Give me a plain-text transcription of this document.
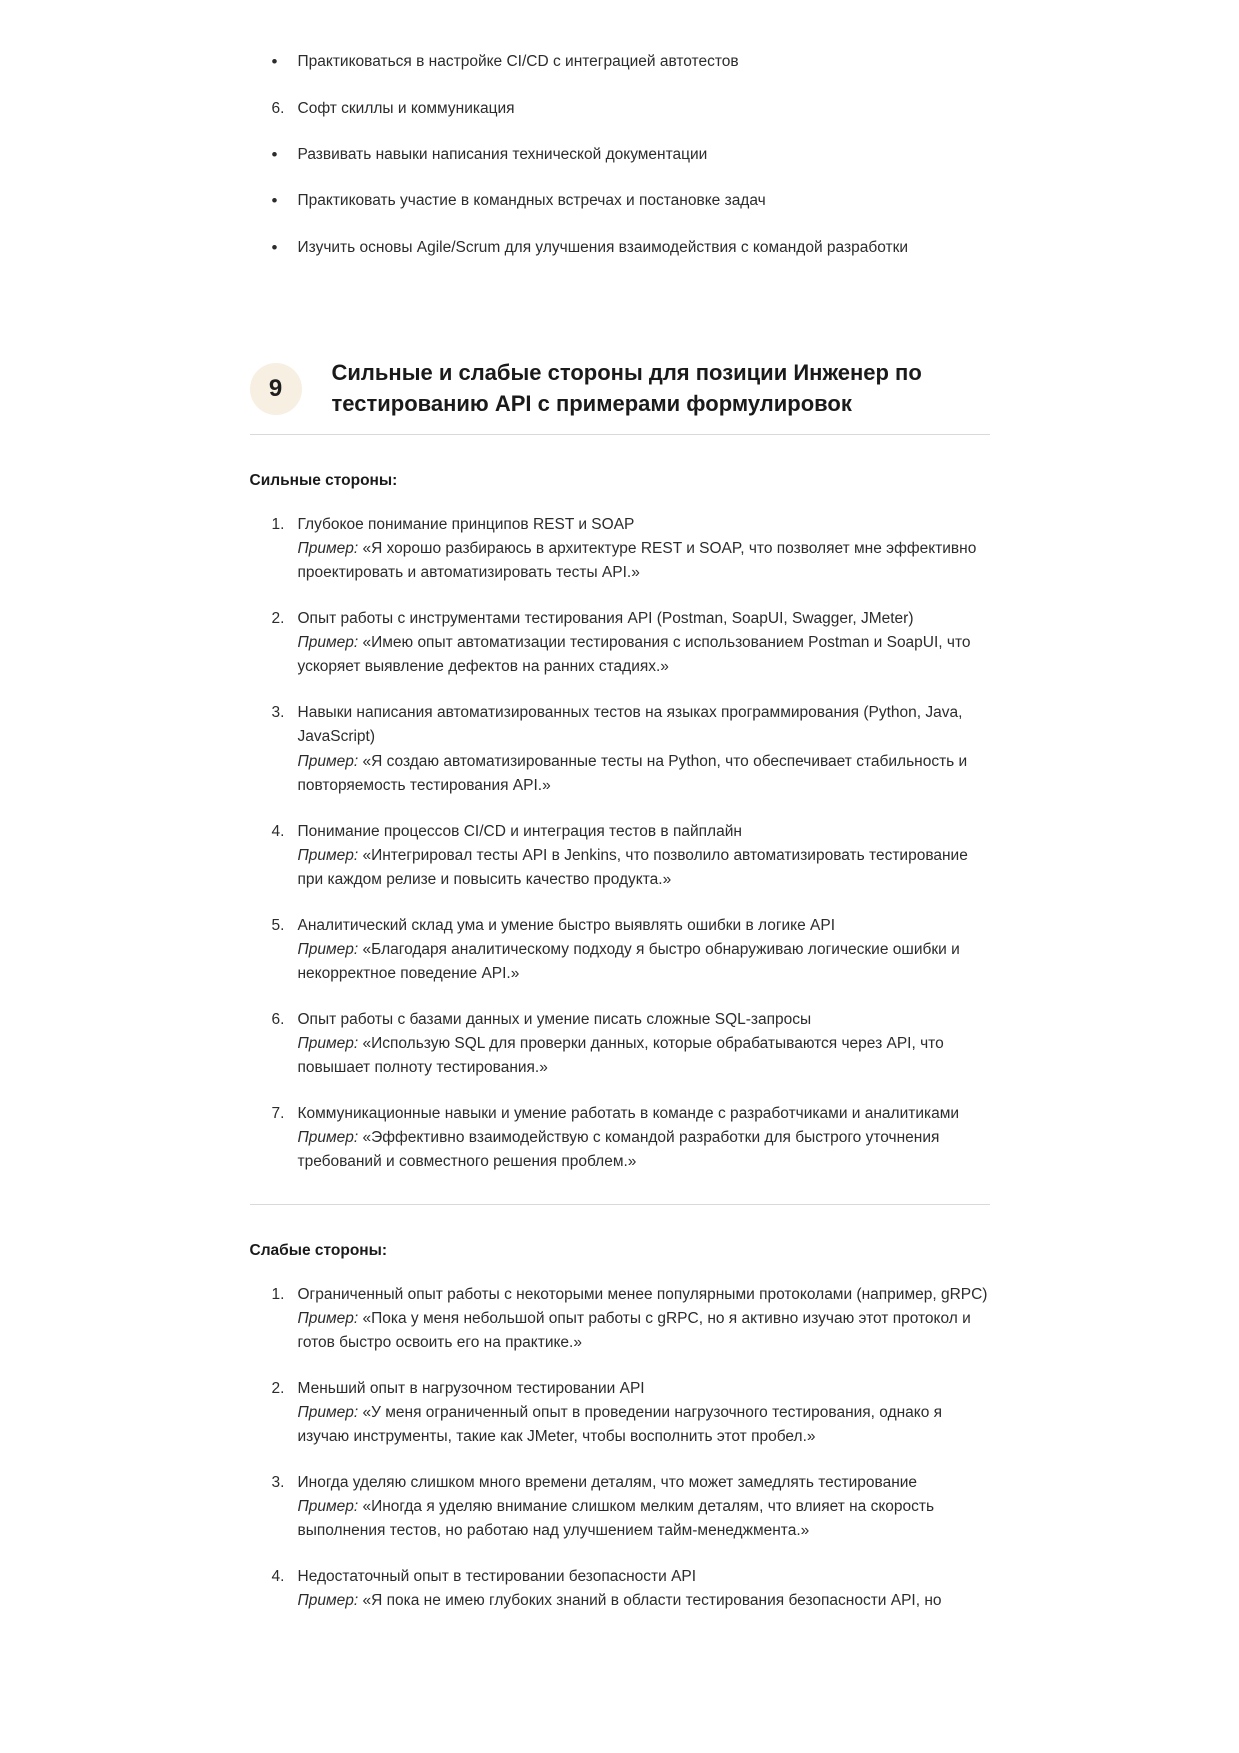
•	Практиковаться в настройке CI/CD с интеграцией автотестов
6. Софт скиллы и коммуникация
•	Развивать навыки написания технической документации
•	Практиковать участие в командных встречах и постановке задач
•	Изучить основы Agile/Scrum для улучшения взаимодействия с командой разработки
9
Сильные и слабые стороны для позиции Инженер по тестированию API с примерами формулировок
Сильные стороны:
1. Глубокое понимание принципов REST и SOAP
Пример: «Я хорошо разбираюсь в архитектуре REST и SOAP, что позволяет мне эффективно проектировать и автоматизировать тесты API.»
2. Опыт работы с инструментами тестирования API (Postman, SoapUI, Swagger, JMeter)
Пример: «Имею опыт автоматизации тестирования с использованием Postman и SoapUI, что ускоряет выявление дефектов на ранних стадиях.»
3. Навыки написания автоматизированных тестов на языках программирования (Python, Java, JavaScript)
Пример: «Я создаю автоматизированные тесты на Python, что обеспечивает стабильность и повторяемость тестирования API.»
4. Понимание процессов CI/CD и интеграция тестов в пайплайн
Пример: «Интегрировал тесты API в Jenkins, что позволило автоматизировать тестирование при каждом релизе и повысить качество продукта.»
5. Аналитический склад ума и умение быстро выявлять ошибки в логике API
Пример: «Благодаря аналитическому подходу я быстро обнаруживаю логические ошибки и некорректное поведение API.»
6. Опыт работы с базами данных и умение писать сложные SQL-запросы
Пример: «Использую SQL для проверки данных, которые обрабатываются через API, что повышает полноту тестирования.»
7. Коммуникационные навыки и умение работать в команде с разработчиками и аналитиками
Пример: «Эффективно взаимодействую с командой разработки для быстрого уточнения требований и совместного решения проблем.»
Слабые стороны:
1. Ограниченный опыт работы с некоторыми менее популярными протоколами (например, gRPC)
Пример: «Пока у меня небольшой опыт работы с gRPC, но я активно изучаю этот протокол и готов быстро освоить его на практике.»
2. Меньший опыт в нагрузочном тестировании API
Пример: «У меня ограниченный опыт в проведении нагрузочного тестирования, однако я изучаю инструменты, такие как JMeter, чтобы восполнить этот пробел.»
3. Иногда уделяю слишком много времени деталям, что может замедлять тестирование
Пример: «Иногда я уделяю внимание слишком мелким деталям, что влияет на скорость выполнения тестов, но работаю над улучшением тайм-менеджмента.»
4. Недостаточный опыт в тестировании безопасности API
Пример: «Я пока не имею глубоких знаний в области тестирования безопасности API, но
